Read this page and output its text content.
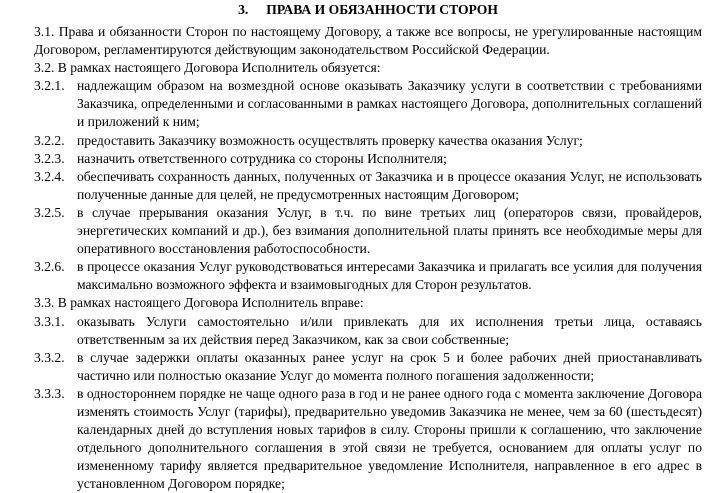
3. ПРАВА И ОБЯЗАННОСТИ СТОРОН

3.1. Права и обязанности Сторон по настоящему Договору, а также все вопросы, не урегулированные настоящим Договором, регламентируются действующим законодательством Российской Федерации.

3.2. В рамках настоящего Договора Исполнитель обязуется:

3.2.1. надлежащим образом на возмездной основе оказывать Заказчику услуги в соответствии с требованиями Заказчика, определенными и согласованными в рамках настоящего Договора, дополнительных соглашений и приложений к ним;
3.2.2. предоставить Заказчику возможность осуществлять проверку качества оказания Услуг;
3.2.3. назначить ответственного сотрудника со стороны Исполнителя;
3.2.4. обеспечивать сохранность данных, полученных от Заказчика и в процессе оказания Услуг, не использовать полученные данные для целей, не предусмотренных настоящим Договором;
3.2.5. в случае прерывания оказания Услуг, в т.ч. по вине третьих лиц (операторов связи, провайдеров, энергетических компаний и др.), без взимания дополнительной платы принять все необходимые меры для оперативного восстановления работоспособности.
3.2.6. в процессе оказания Услуг руководствоваться интересами Заказчика и прилагать все усилия для получения максимально возможного эффекта и взаимовыгодных для Сторон результатов.

3.3. В рамках настоящего Договора Исполнитель вправе:

3.3.1. оказывать Услуги самостоятельно и/или привлекать для их исполнения третьи лица, оставаясь ответственным за их действия перед Заказчиком, как за свои собственные;
3.3.2. в случае задержки оплаты оказанных ранее услуг на срок 5 и более рабочих дней приостанавливать частично или полностью оказание Услуг до момента полного погашения задолженности;
3.3.3. в одностороннем порядке не чаще одного раза в год и не ранее одного года с момента заключение Договора изменять стоимость Услуг (тарифы), предварительно уведомив Заказчика не менее, чем за 60 (шестьдесят) календарных дней до вступления новых тарифов в силу. Стороны пришли к соглашению, что заключение отдельного дополнительного соглашения в этой связи не требуется, основанием для оплаты услуг по измененному тарифу является предварительное уведомление Исполнителя, направленное в его адрес в установленном Договором порядке;
